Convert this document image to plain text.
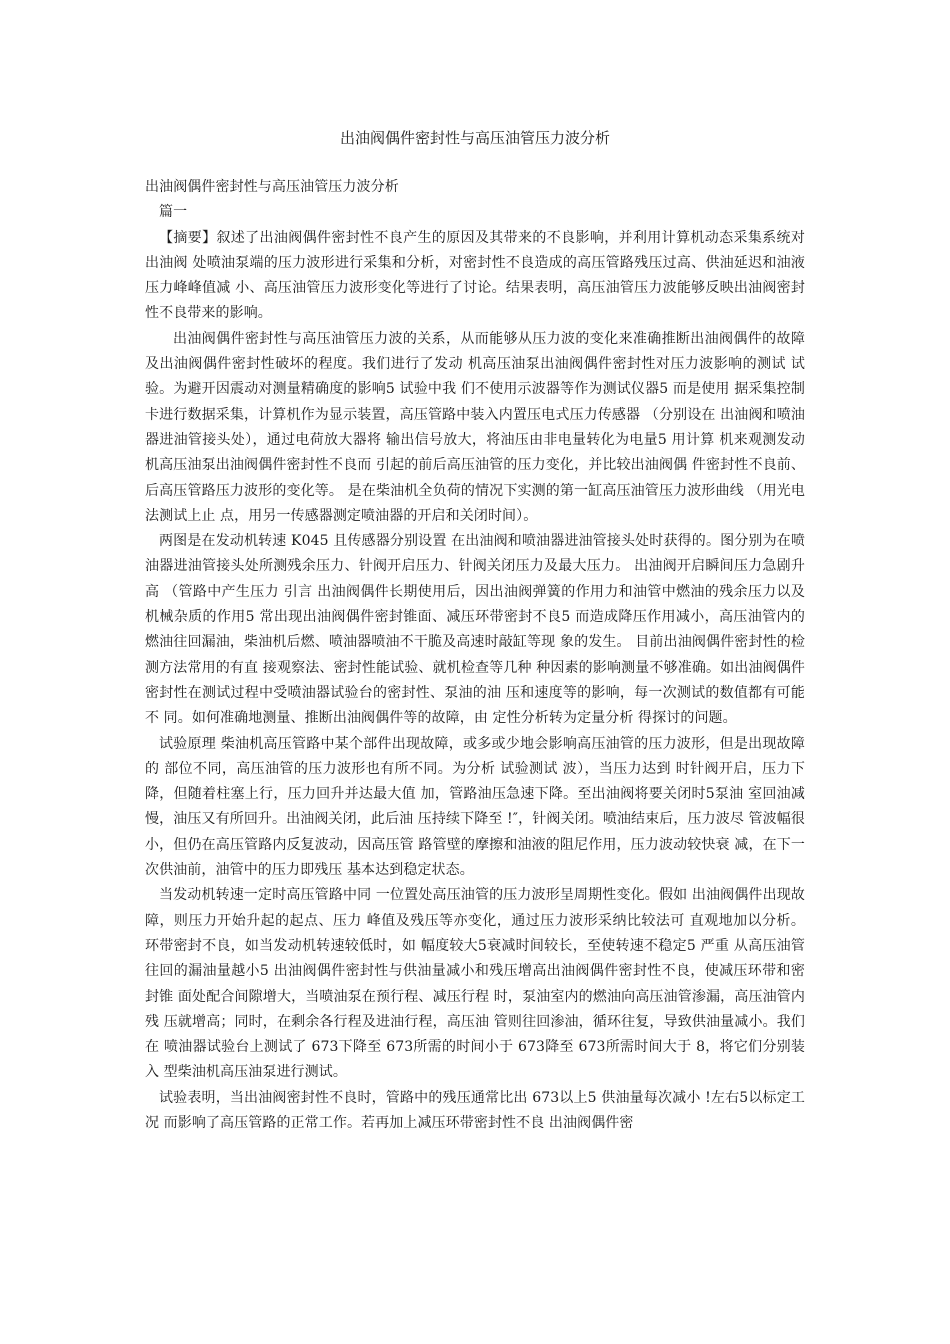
出油阀偶件密封性与高压油管压力波分析

出油阀偶件密封性与高压油管压力波分析

篇一

【摘要】叙述了出油阀偶件密封性不良产生的原因及其带来的不良影响，并利用计算机动态采集系统对出油阀 处喷油泵端的压力波形进行采集和分析，对密封性不良造成的高压管路残压过高、供油延迟和油液压力峰峰值减 小、高压油管压力波形变化等进行了讨论。结果表明，高压油管压力波能够反映出油阀密封性不良带来的影响。

出油阀偶件密封性与高压油管压力波的关系，从而能够从压力波的变化来准确推断出油阀偶件的故障 及出油阀偶件密封性破坏的程度。我们进行了发动 机高压油泵出油阀偶件密封性对压力波影响的测试 试验。为避开因震动对测量精确度的影响5 试验中我 们不使用示波器等作为测试仪器5 而是使用 据采集控制卡进行数据采集，计算机作为显示装置，高压管路中装入内置压电式压力传感器 （分别设在 出油阀和喷油器进油管接头处），通过电荷放大器将 输出信号放大，将油压由非电量转化为电量5 用计算 机来观测发动机高压油泵出油阀偶件密封性不良而 引起的前后高压油管的压力变化，并比较出油阀偶 件密封性不良前、后高压管路压力波形的变化等。 是在柴油机全负荷的情况下实测的第一缸高压油管压力波形曲线 （用光电法测试上止 点，用另一传感器测定喷油器的开启和关闭时间）。

两图是在发动机转速 K045 且传感器分别设置 在出油阀和喷油器进油管接头处时获得的。图分别为在喷油器进油管接头处所测残余压力、针阀开启压力、针阀关闭压力及最大压力。 出油阀开启瞬间压力急剧升高 （管路中产生压力 引言 出油阀偶件长期使用后，因出油阀弹簧的作用力和油管中燃油的残余压力以及机械杂质的作用5 常出现出油阀偶件密封锥面、减压环带密封不良5 而造成降压作用减小，高压油管内的燃油往回漏油，柴油机后燃、喷油器喷油不干脆及高速时敲缸等现 象的发生。 目前出油阀偶件密封性的检测方法常用的有直 接观察法、密封性能试验、就机检查等几种 种因素的影响测量不够准确。如出油阀偶件密封性在测试过程中受喷油器试验台的密封性、泵油的油 压和速度等的影响，每一次测试的数值都有可能不 同。如何准确地测量、推断出油阀偶件等的故障，由 定性分析转为定量分析 得探讨的问题。

试验原理 柴油机高压管路中某个部件出现故障，或多或少地会影响高压油管的压力波形，但是出现故障的 部位不同，高压油管的压力波形也有所不同。为分析 试验测试 波），当压力达到 时针阀开启，压力下降，但随着柱塞上行，压力回升并达最大值 加，管路油压急速下降。至出油阀将要关闭时5泵油 室回油减慢，油压又有所回升。出油阀关闭，此后油 压持续下降至 !″，针阀关闭。喷油结束后，压力波尽 管波幅很小，但仍在高压管路内反复波动，因高压管 路管壁的摩擦和油液的阻尼作用，压力波动较快衰 减，在下一次供油前，油管中的压力即残压 基本达到稳定状态。

当发动机转速一定时高压管路中同 一位置处高压油管的压力波形呈周期性变化。假如 出油阀偶件出现故障，则压力开始升起的起点、压力 峰值及残压等亦变化，通过压力波形采纳比较法可 直观地加以分析。 环带密封不良，如当发动机转速较低时，如 幅度较大5衰减时间较长，至使转速不稳定5 严重 从高压油管往回的漏油量越小5 出油阀偶件密封性与供油量减小和残压增高出油阀偶件密封性不良，使减压环带和密封锥 面处配合间隙增大，当喷油泵在预行程、减压行程 时，泵油室内的燃油向高压油管渗漏，高压油管内残 压就增高；同时，在剩余各行程及进油行程，高压油 管则往回渗油，循环往复，导致供油量减小。我们在 喷油器试验台上测试了 673下降至 673所需的时间小于 673降至 673所需时间大于 8，将它们分别装入 型柴油机高压油泵进行测试。

试验表明，当出油阀密封性不良时，管路中的残压通常比出 673以上5 供油量每次减小 !左右5以标定工况 而影响了高压管路的正常工作。若再加上减压环带密封性不良 出油阀偶件密
